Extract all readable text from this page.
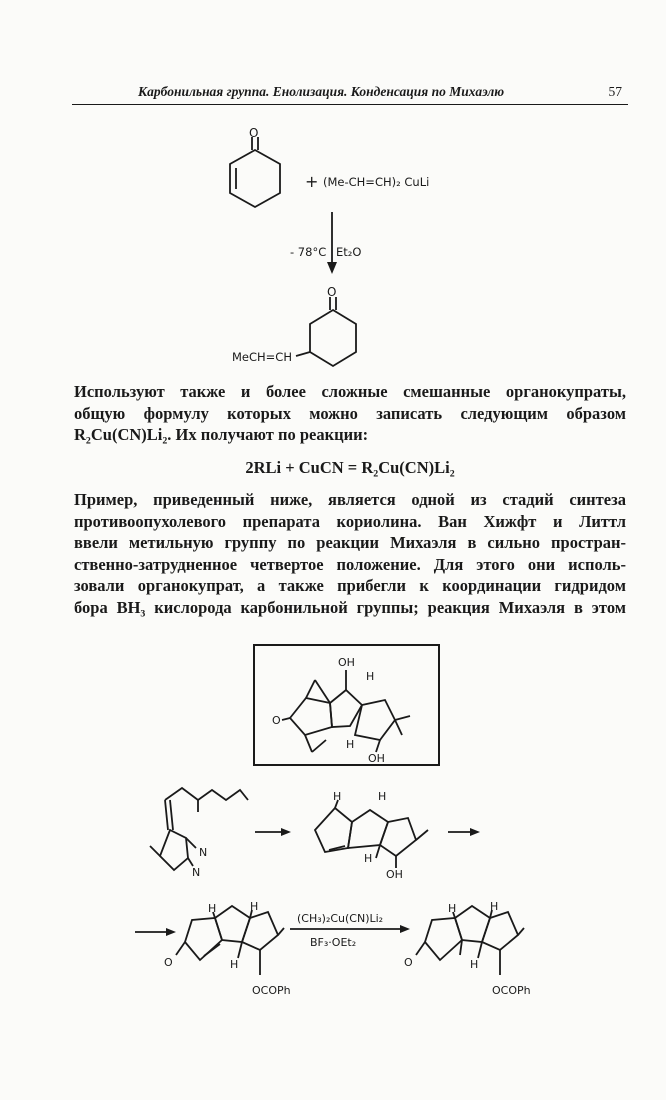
Карбонильная группа. Енолизация. Конденсация по Михаэлю	57
O
+ (Me-CH=CH)₂ CuLi
- 78°C Et₂O
O
MeCH=CH
Используют также и более сложные смешанные органокупраты,
общую формулу которых можно записать следующим образом
R₂Cu(CN)Li₂. Их получают по реакции:
2RLi + CuCN = R₂Cu(CN)Li₂
Пример, приведенный ниже, является одной из стадий синтеза
противоопухолевого препарата кориолина. Ван Хижфт и Литтл
ввели метильную группу по реакции Михаэля в сильно простран-
ственно-затрудненное четвертое положение. Для этого они исполь-
зовали органокупрат, а также прибегли к координации гидридом
бора BH₃ кислорода карбонильной группы; реакция Михаэля в этом
OH
H
O
H
OH
N
N
H	H
H
OH
H	H
O	H
OCOPh
(CH₃)₂Cu(CN)Li₂
BF₃·OEt₂
H	H
O	H
OCOPh
